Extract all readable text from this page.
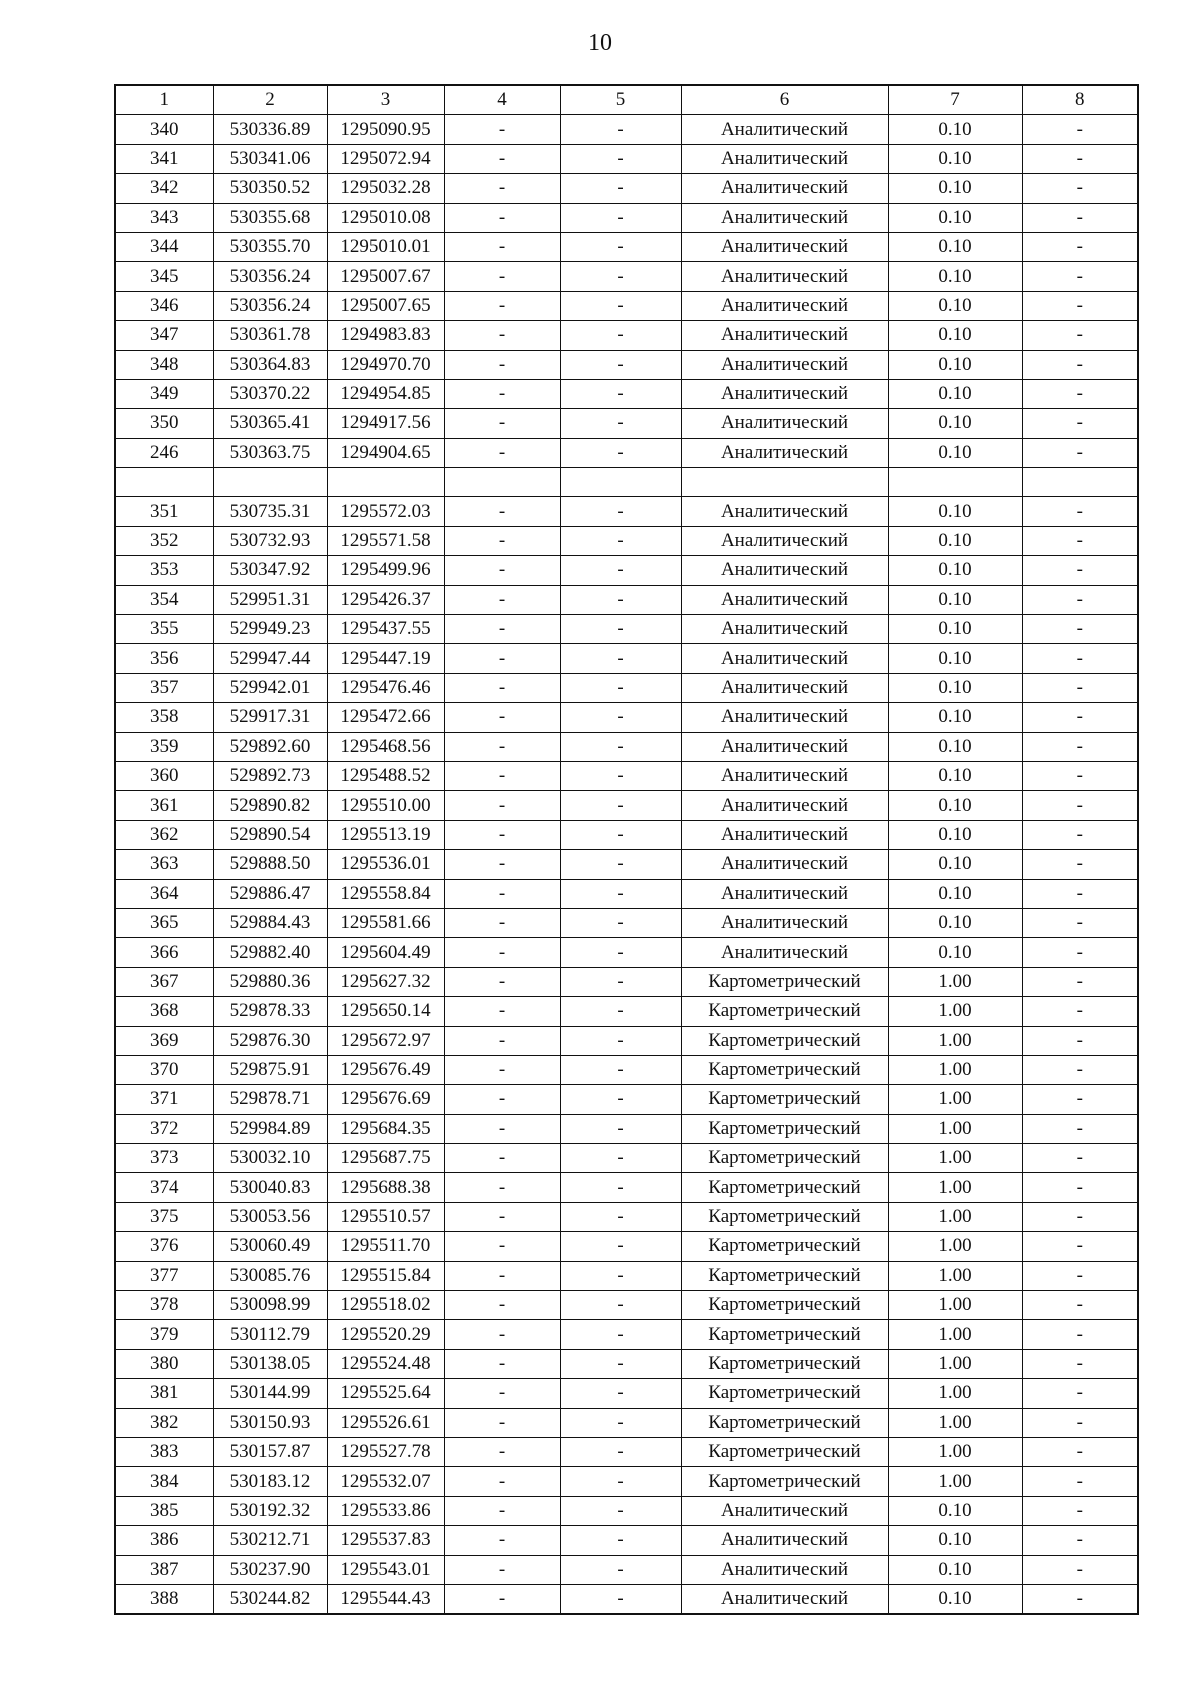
10
1	2	3	4	5	6	7	8
340	530336.89	1295090.95	-	-	Аналитический	0.10	-
341	530341.06	1295072.94	-	-	Аналитический	0.10	-
342	530350.52	1295032.28	-	-	Аналитический	0.10	-
343	530355.68	1295010.08	-	-	Аналитический	0.10	-
344	530355.70	1295010.01	-	-	Аналитический	0.10	-
345	530356.24	1295007.67	-	-	Аналитический	0.10	-
346	530356.24	1295007.65	-	-	Аналитический	0.10	-
347	530361.78	1294983.83	-	-	Аналитический	0.10	-
348	530364.83	1294970.70	-	-	Аналитический	0.10	-
349	530370.22	1294954.85	-	-	Аналитический	0.10	-
350	530365.41	1294917.56	-	-	Аналитический	0.10	-
246	530363.75	1294904.65	-	-	Аналитический	0.10	-

351	530735.31	1295572.03	-	-	Аналитический	0.10	-
352	530732.93	1295571.58	-	-	Аналитический	0.10	-
353	530347.92	1295499.96	-	-	Аналитический	0.10	-
354	529951.31	1295426.37	-	-	Аналитический	0.10	-
355	529949.23	1295437.55	-	-	Аналитический	0.10	-
356	529947.44	1295447.19	-	-	Аналитический	0.10	-
357	529942.01	1295476.46	-	-	Аналитический	0.10	-
358	529917.31	1295472.66	-	-	Аналитический	0.10	-
359	529892.60	1295468.56	-	-	Аналитический	0.10	-
360	529892.73	1295488.52	-	-	Аналитический	0.10	-
361	529890.82	1295510.00	-	-	Аналитический	0.10	-
362	529890.54	1295513.19	-	-	Аналитический	0.10	-
363	529888.50	1295536.01	-	-	Аналитический	0.10	-
364	529886.47	1295558.84	-	-	Аналитический	0.10	-
365	529884.43	1295581.66	-	-	Аналитический	0.10	-
366	529882.40	1295604.49	-	-	Аналитический	0.10	-
367	529880.36	1295627.32	-	-	Картометрический	1.00	-
368	529878.33	1295650.14	-	-	Картометрический	1.00	-
369	529876.30	1295672.97	-	-	Картометрический	1.00	-
370	529875.91	1295676.49	-	-	Картометрический	1.00	-
371	529878.71	1295676.69	-	-	Картометрический	1.00	-
372	529984.89	1295684.35	-	-	Картометрический	1.00	-
373	530032.10	1295687.75	-	-	Картометрический	1.00	-
374	530040.83	1295688.38	-	-	Картометрический	1.00	-
375	530053.56	1295510.57	-	-	Картометрический	1.00	-
376	530060.49	1295511.70	-	-	Картометрический	1.00	-
377	530085.76	1295515.84	-	-	Картометрический	1.00	-
378	530098.99	1295518.02	-	-	Картометрический	1.00	-
379	530112.79	1295520.29	-	-	Картометрический	1.00	-
380	530138.05	1295524.48	-	-	Картометрический	1.00	-
381	530144.99	1295525.64	-	-	Картометрический	1.00	-
382	530150.93	1295526.61	-	-	Картометрический	1.00	-
383	530157.87	1295527.78	-	-	Картометрический	1.00	-
384	530183.12	1295532.07	-	-	Картометрический	1.00	-
385	530192.32	1295533.86	-	-	Аналитический	0.10	-
386	530212.71	1295537.83	-	-	Аналитический	0.10	-
387	530237.90	1295543.01	-	-	Аналитический	0.10	-
388	530244.82	1295544.43	-	-	Аналитический	0.10	-
